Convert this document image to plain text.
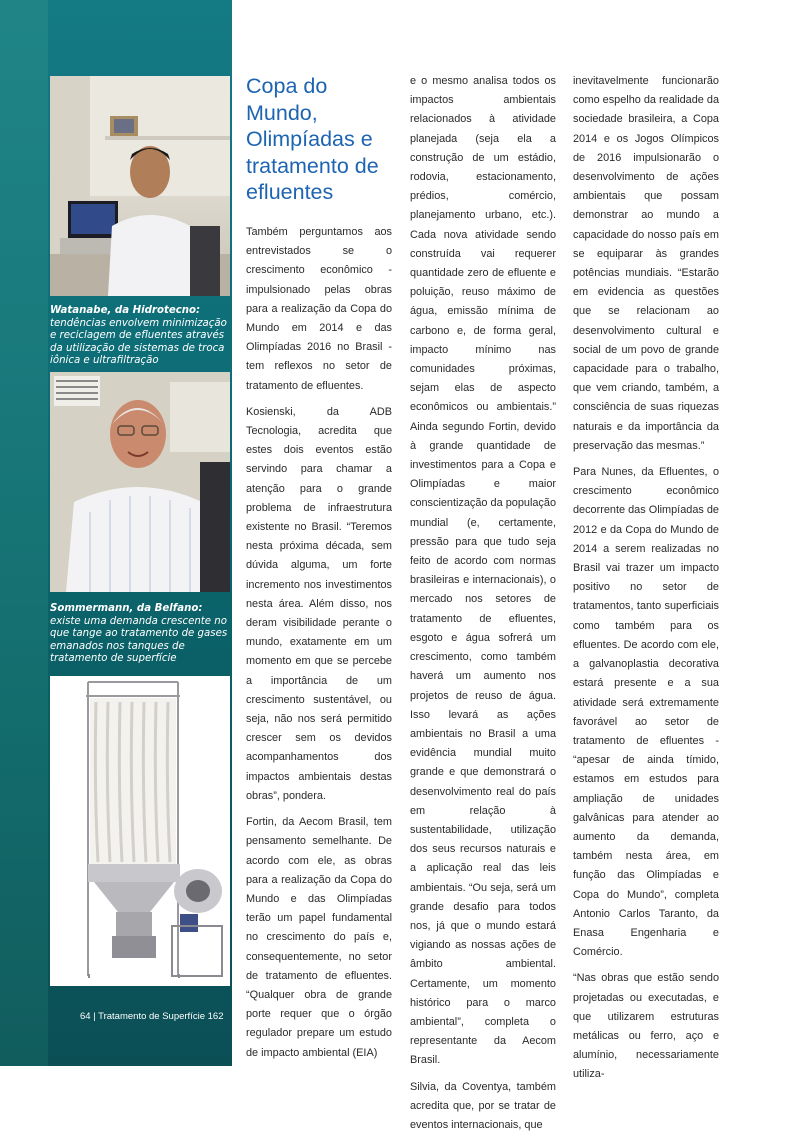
Watanabe, da Hidrotecno: tendências envolvem minimização e reciclagem de efluentes através da utilização de sistemas de troca iônica e ultrafiltração
Sommermann, da Belfano: existe uma demanda crescente no que tange ao tratamento de gases emanados nos tanques de tratamento de superfície
foto: EMEVE
64 | Tratamento de Superfície 162
Copa do Mundo, Olimpíadas e tratamento de efluentes

Também perguntamos aos entrevistados se o crescimento econômico - impulsionado pelas obras para a realização da Copa do Mundo em 2014 e das Olimpíadas 2016 no Brasil - tem reflexos no setor de tratamento de efluentes.

Kosienski, da ADB Tecnologia, acredita que estes dois eventos estão servindo para chamar a atenção para o grande problema de infraestrutura existente no Brasil. “Teremos nesta próxima década, sem dúvida alguma, um forte incremento nos investimentos nesta área. Além disso, nos deram visibilidade perante o mundo, exatamente em um momento em que se percebe a importância de um crescimento sustentável, ou seja, não nos será permitido crescer sem os devidos acompanhamentos dos impactos ambientais destas obras”, pondera.

Fortin, da Aecom Brasil, tem pensamento semelhante. De acordo com ele, as obras para a realização da Copa do Mundo e das Olimpíadas terão um papel fundamental no crescimento do país e, consequentemente, no setor de tratamento de efluentes. “Qualquer obra de grande porte requer que o órgão regulador prepare um estudo de impacto ambiental (EIA)

e o mesmo analisa todos os impactos ambientais relacionados à atividade planejada (seja ela a construção de um estádio, rodovia, estacionamento, prédios, comércio, planejamento urbano, etc.). Cada nova atividade sendo construída vai requerer quantidade zero de efluente e poluição, reuso máximo de água, emissão mínima de carbono e, de forma geral, impacto mínimo nas comunidades próximas, sejam elas de aspecto econômicos ou ambientais.” Ainda segundo Fortin, devido à grande quantidade de investimentos para a Copa e Olimpíadas e maior conscientização da população mundial (e, certamente, pressão para que tudo seja feito de acordo com normas brasileiras e internacionais), o mercado nos setores de tratamento de efluentes, esgoto e água sofrerá um crescimento, como também haverá um aumento nos projetos de reuso de água. Isso levará as ações ambientais no Brasil a uma evidência mundial muito grande e que demonstrará o desenvolvimento real do país em relação à sustentabilidade, utilização dos seus recursos naturais e a aplicação real das leis ambientais. “Ou seja, será um grande desafio para todos nos, já que o mundo estará vigiando as nossas ações de âmbito ambiental. Certamente, um momento histórico para o marco ambiental”, completa o representante da Aecom Brasil.

Silvia, da Coventya, também acredita que, por se tratar de eventos internacionais, que

inevitavelmente funcionarão como espelho da realidade da sociedade brasileira, a Copa 2014 e os Jogos Olímpicos de 2016 impulsionarão o desenvolvimento de ações ambientais que possam demonstrar ao mundo a capacidade do nosso país em se equiparar às grandes potências mundiais. “Estarão em evidencia as questões que se relacionam ao desenvolvimento cultural e social de um povo de grande capacidade para o trabalho, que vem criando, também, a consciência de suas riquezas naturais e da importância da preservação das mesmas.”

Para Nunes, da Efluentes, o crescimento econômico decorrente das Olimpíadas de 2012 e da Copa do Mundo de 2014 a serem realizadas no Brasil vai trazer um impacto positivo no setor de tratamentos, tanto superficiais como também para os efluentes. De acordo com ele, a galvanoplastia decorativa estará presente e a sua atividade será extremamente favorável ao setor de tratamento de efluentes - “apesar de ainda tímido, estamos em estudos para ampliação de unidades galvânicas para atender ao aumento da demanda, também nesta área, em função das Olimpíadas e Copa do Mundo”, completa Antonio Carlos Taranto, da Enasa Engenharia e Comércio.

“Nas obras que estão sendo projetadas ou executadas, e que utilizarem estruturas metálicas ou ferro, aço e alumínio, necessariamente utiliza-
